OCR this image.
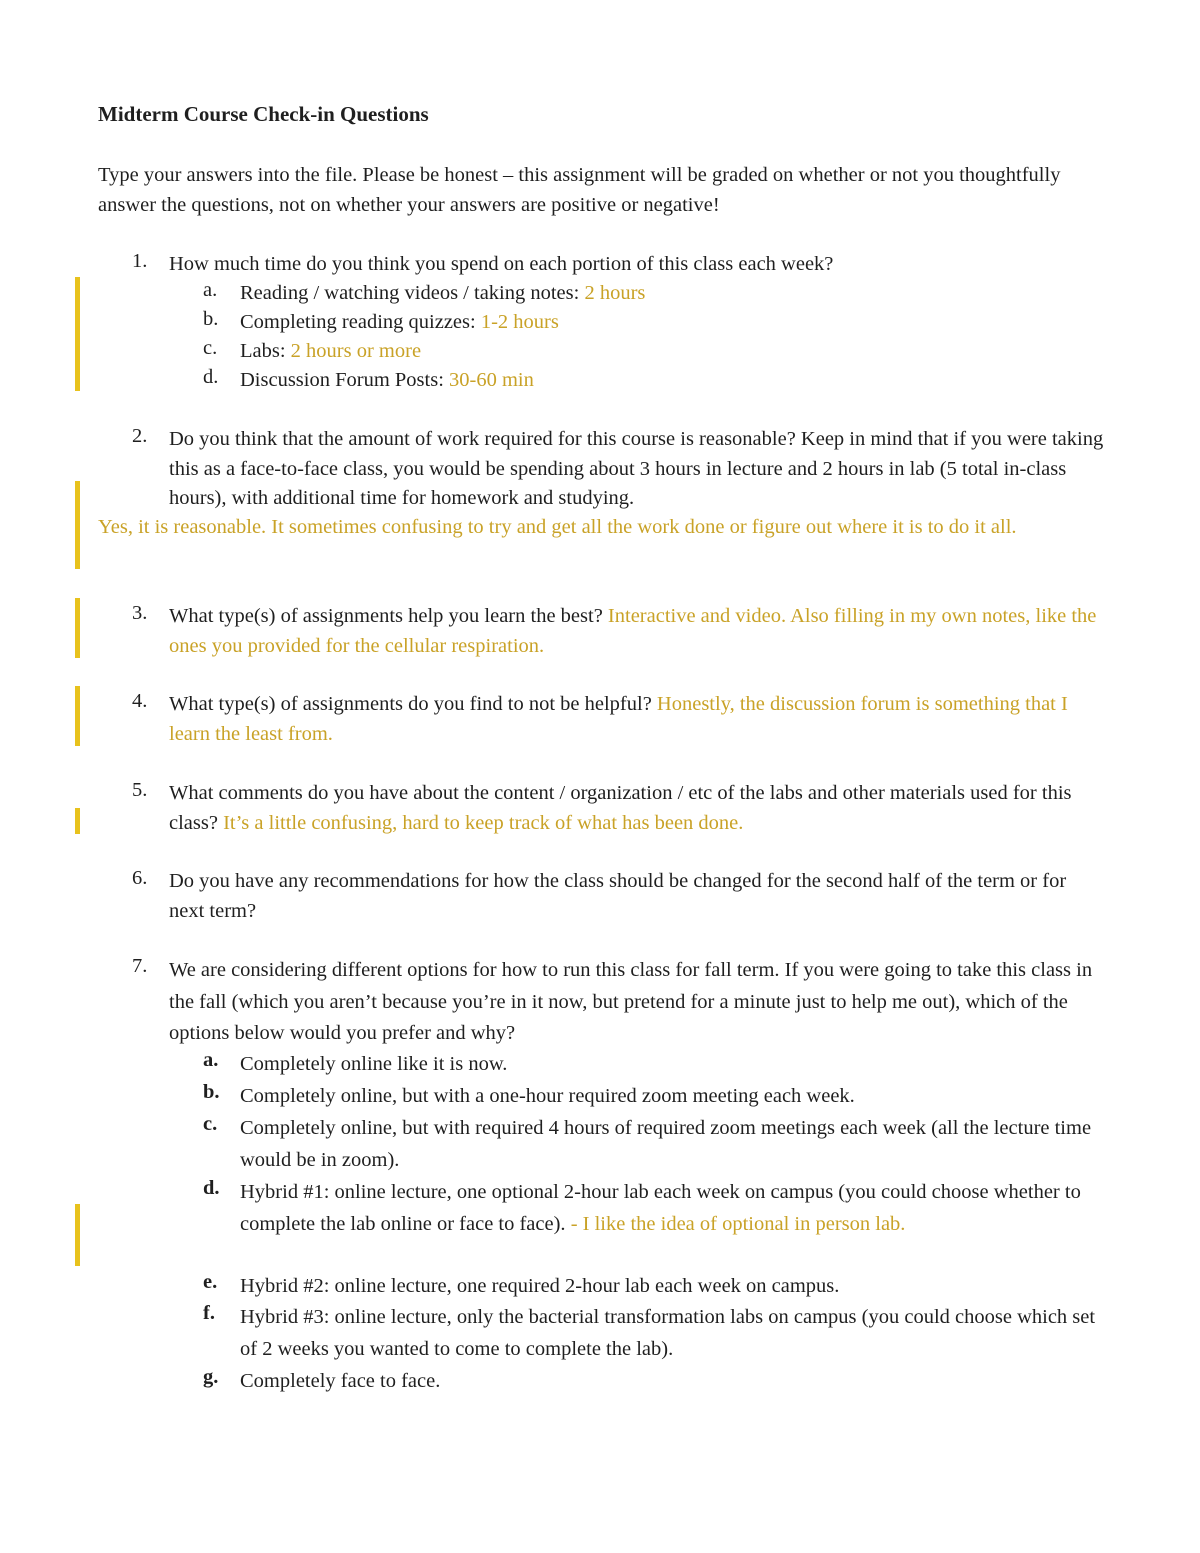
Midterm Course Check-in Questions
Type your answers into the file. Please be honest – this assignment will be graded on whether or not you thoughtfully answer the questions, not on whether your answers are positive or negative!
1.	How much time do you think you spend on each portion of this class each week?
a.	Reading / watching videos / taking notes: 2 hours
b.	Completing reading quizzes: 1-2 hours
c.	Labs: 2 hours or more
d.	Discussion Forum Posts: 30-60 min
2.	Do you think that the amount of work required for this course is reasonable? Keep in mind that if you were taking this as a face-to-face class, you would be spending about 3 hours in lecture and 2 hours in lab (5 total in-class hours), with additional time for homework and studying.
Yes, it is reasonable. It sometimes confusing to try and get all the work done or figure out where it is to do it all.
3.	What type(s) of assignments help you learn the best? Interactive and video. Also filling in my own notes, like the ones you provided for the cellular respiration.
4.	What type(s) of assignments do you find to not be helpful? Honestly, the discussion forum is something that I learn the least from.
5.	What comments do you have about the content / organization / etc of the labs and other materials used for this class? It’s a little confusing, hard to keep track of what has been done.
6.	Do you have any recommendations for how the class should be changed for the second half of the term or for next term?
7.	We are considering different options for how to run this class for fall term. If you were going to take this class in the fall (which you aren’t because you’re in it now, but pretend for a minute just to help me out), which of the options below would you prefer and why?
a.	Completely online like it is now.
b. Completely online, but with a one-hour required zoom meeting each week.
c.	Completely online, but with required 4 hours of required zoom meetings each week (all the lecture time would be in zoom).
d. Hybrid #1: online lecture, one optional 2-hour lab each week on campus (you could choose whether to complete the lab online or face to face). - I like the idea of optional in person lab.
e.	Hybrid #2: online lecture, one required 2-hour lab each week on campus.
f.	Hybrid #3: online lecture, only the bacterial transformation labs on campus (you could choose which set of 2 weeks you wanted to come to complete the lab).
g.	Completely face to face.
